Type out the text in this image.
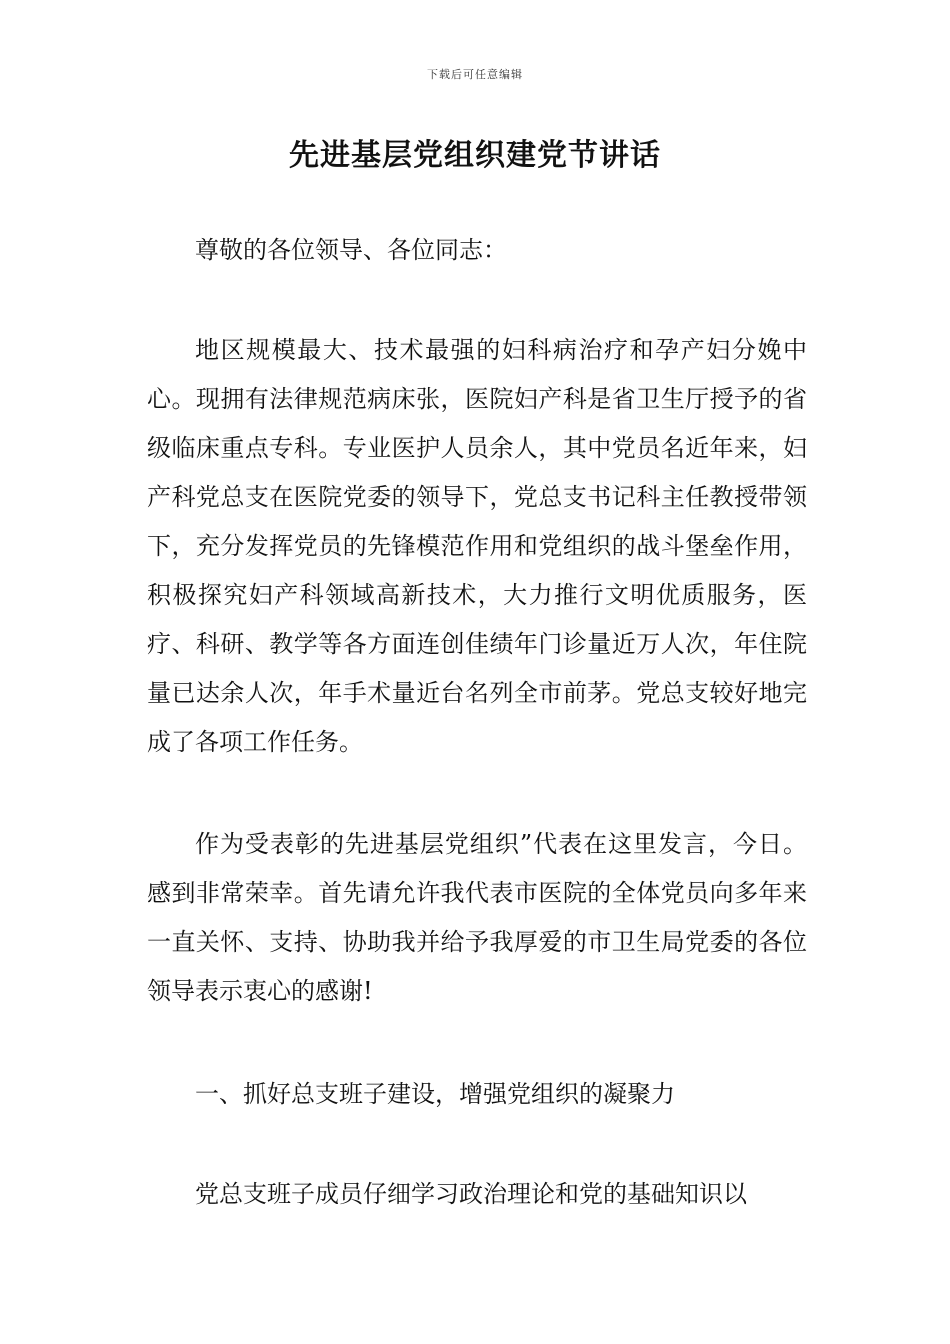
下载后可任意编辑
先进基层党组织建党节讲话

尊敬的各位领导、各位同志：

地区规模最大、技术最强的妇科病治疗和孕产妇分娩中心。现拥有法律规范病床张，医院妇产科是省卫生厅授予的省级临床重点专科。专业医护人员余人，其中党员名近年来，妇产科党总支在医院党委的领导下，党总支书记科主任教授带领下，充分发挥党员的先锋模范作用和党组织的战斗堡垒作用，积极探究妇产科领域高新技术，大力推行文明优质服务，医疗、科研、教学等各方面连创佳绩年门诊量近万人次，年住院量已达余人次，年手术量近台名列全市前茅。党总支较好地完成了各项工作任务。

作为受表彰的先进基层党组织”代表在这里发言，今日。感到非常荣幸。首先请允许我代表市医院的全体党员向多年来一直关怀、支持、协助我并给予我厚爱的市卫生局党委的各位领导表示衷心的感谢!

一、抓好总支班子建设，增强党组织的凝聚力

党总支班子成员仔细学习政治理论和党的基础知识以
